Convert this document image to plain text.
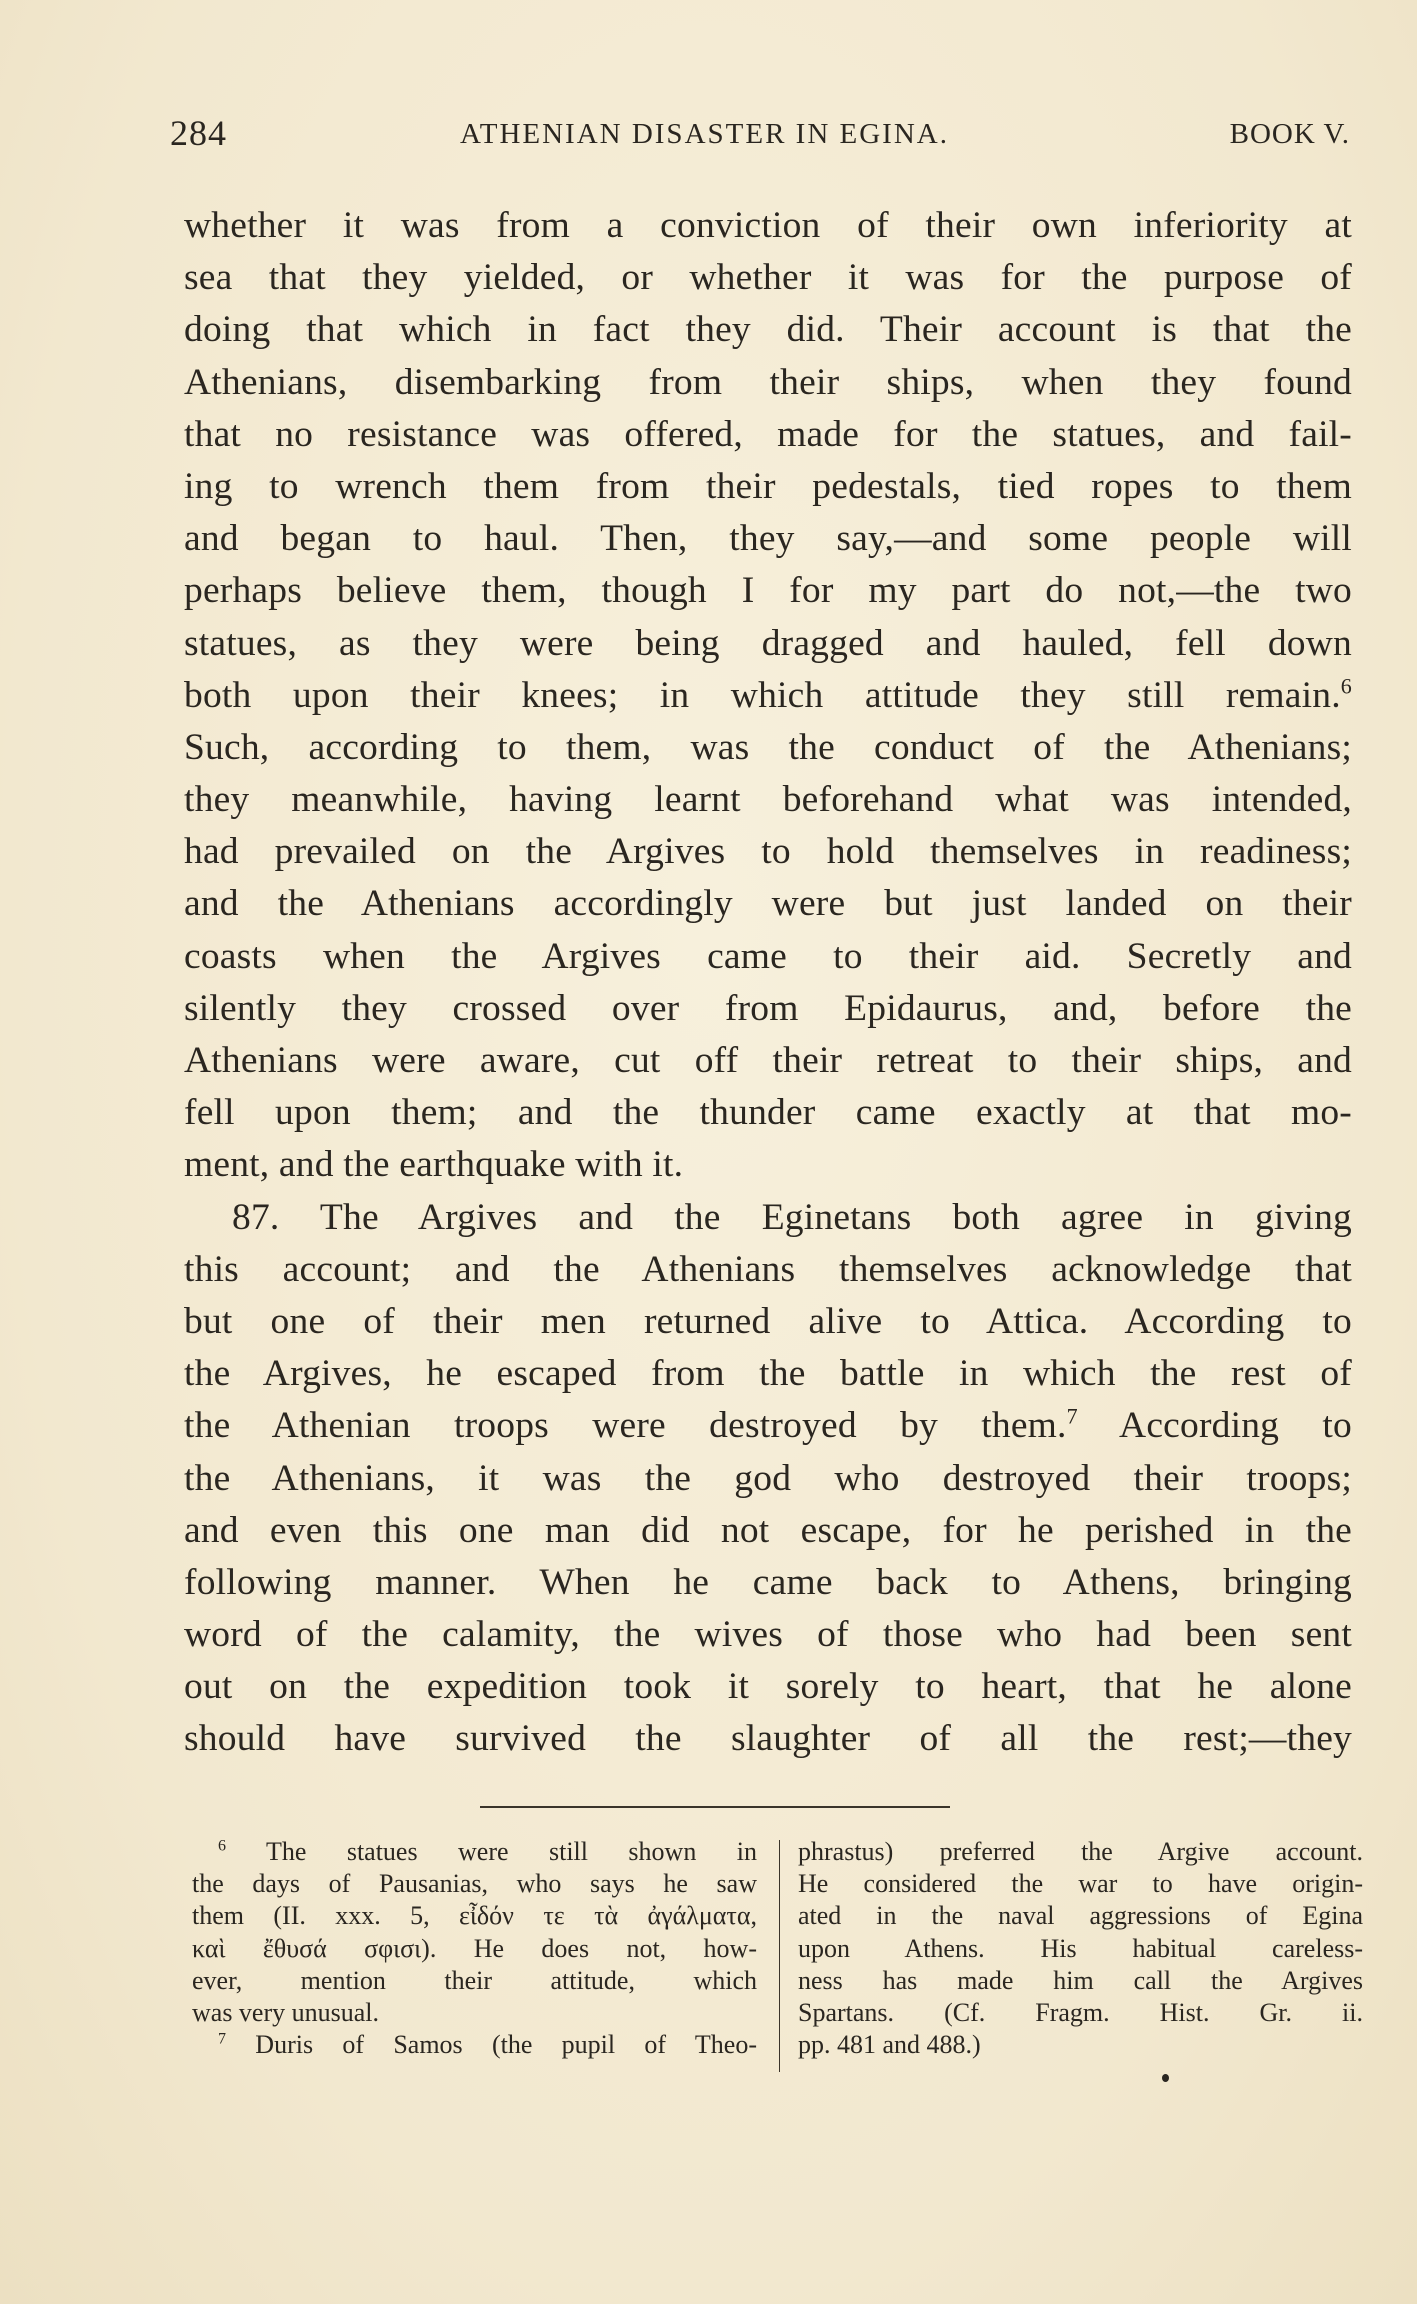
284	ATHENIAN DISASTER IN EGINA.	BOOK V.
whether it was from a conviction of their own inferiority at
sea that they yielded, or whether it was for the purpose of
doing that which in fact they did. Their account is that the
Athenians, disembarking from their ships, when they found
that no resistance was offered, made for the statues, and fail-
ing to wrench them from their pedestals, tied ropes to them
and began to haul. Then, they say,—and some people will
perhaps believe them, though I for my part do not,—the two
statues, as they were being dragged and hauled, fell down
both upon their knees; in which attitude they still remain.$^6$
Such, according to them, was the conduct of the Athenians;
they meanwhile, having learnt beforehand what was intended,
had prevailed on the Argives to hold themselves in readiness;
and the Athenians accordingly were but just landed on their
coasts when the Argives came to their aid. Secretly and
silently they crossed over from Epidaurus, and, before the
Athenians were aware, cut off their retreat to their ships, and
fell upon them; and the thunder came exactly at that mo-
ment, and the earthquake with it.
87. The Argives and the Eginetans both agree in giving
this account; and the Athenians themselves acknowledge that
but one of their men returned alive to Attica. According to
the Argives, he escaped from the battle in which the rest of
the Athenian troops were destroyed by them.$^7$ According to
the Athenians, it was the god who destroyed their troops;
and even this one man did not escape, for he perished in the
following manner. When he came back to Athens, bringing
word of the calamity, the wives of those who had been sent
out on the expedition took it sorely to heart, that he alone
should have survived the slaughter of all the rest;—they
$^6$ The statues were still shown in
the days of Pausanias, who says he saw
them (II. xxx. 5, εἶδόν τε τὰ ἀγάλματα,
καὶ ἔθυσά σφισι). He does not, how-
ever, mention their attitude, which
was very unusual.
$^7$ Duris of Samos (the pupil of Theo-
phrastus) preferred the Argive account.
He considered the war to have origin-
ated in the naval aggressions of Egina
upon Athens. His habitual careless-
ness has made him call the Argives
Spartans. (Cf. Fragm. Hist. Gr. ii.
pp. 481 and 488.)
